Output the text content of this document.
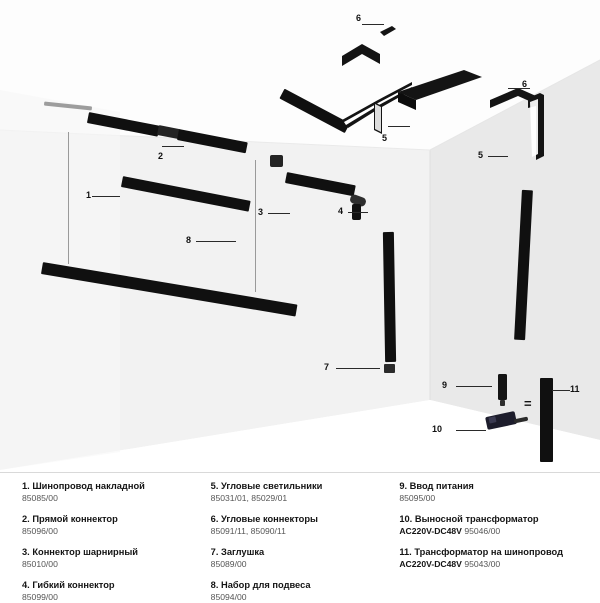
=
1
2
3	4
5
5
6
6
7
8
9
10
11
1. Шинопровод накладной
85085/00
2. Прямой коннектор
85096/00
3. Коннектор шарнирный
85010/00
4. Гибкий коннектор
85099/00
5. Угловые светильники
85031/01, 85029/01
6. Угловые коннекторы
85091/11, 85090/11
7. Заглушка
85089/00
8. Набор для подвеса
85094/00
9. Ввод питания
85095/00
10. Выносной трансформатор
AC220V-DC48V 95046/00
11. Трансформатор на шинопровод
AC220V-DC48V 95043/00
